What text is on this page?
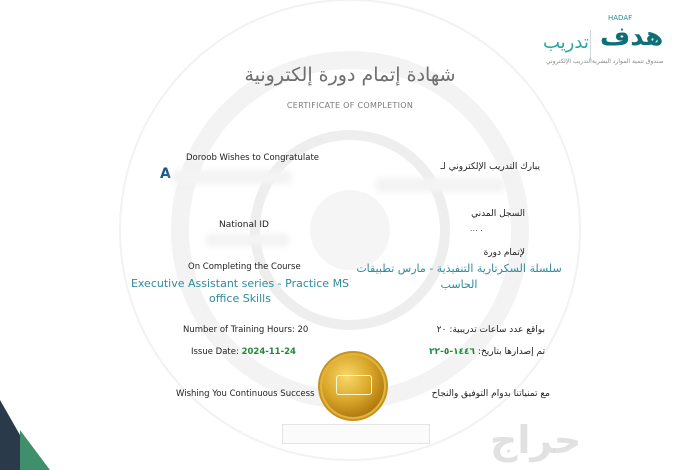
HADAF
هدف
صندوق تنمية الموارد البشرية
تدريب
التدريب الإلكتروني
شهادة إتمام دورة إلكترونية
CERTIFICATE OF COMPLETION
Doroob Wishes to Congratulate
A
National ID
On Completing the Course
Executive Assistant series - Practice MS
office Skills
Number of Training Hours: 20
Issue Date: 2024-11-24
Wishing You Continuous Success
يبارك التدريب الإلكتروني لـ
السجل المدني
... .
لإتمام دورة
سلسلة السكرتارية التنفيذية - مارس تطبيقات
الحاسب
بواقع عدد ساعات تدريبية: ٢٠
تم إصدارها بتاريخ: ١٤٤٦-٥-٢٢
مع تمنياتنا بدوام التوفيق والنجاح
حراج
